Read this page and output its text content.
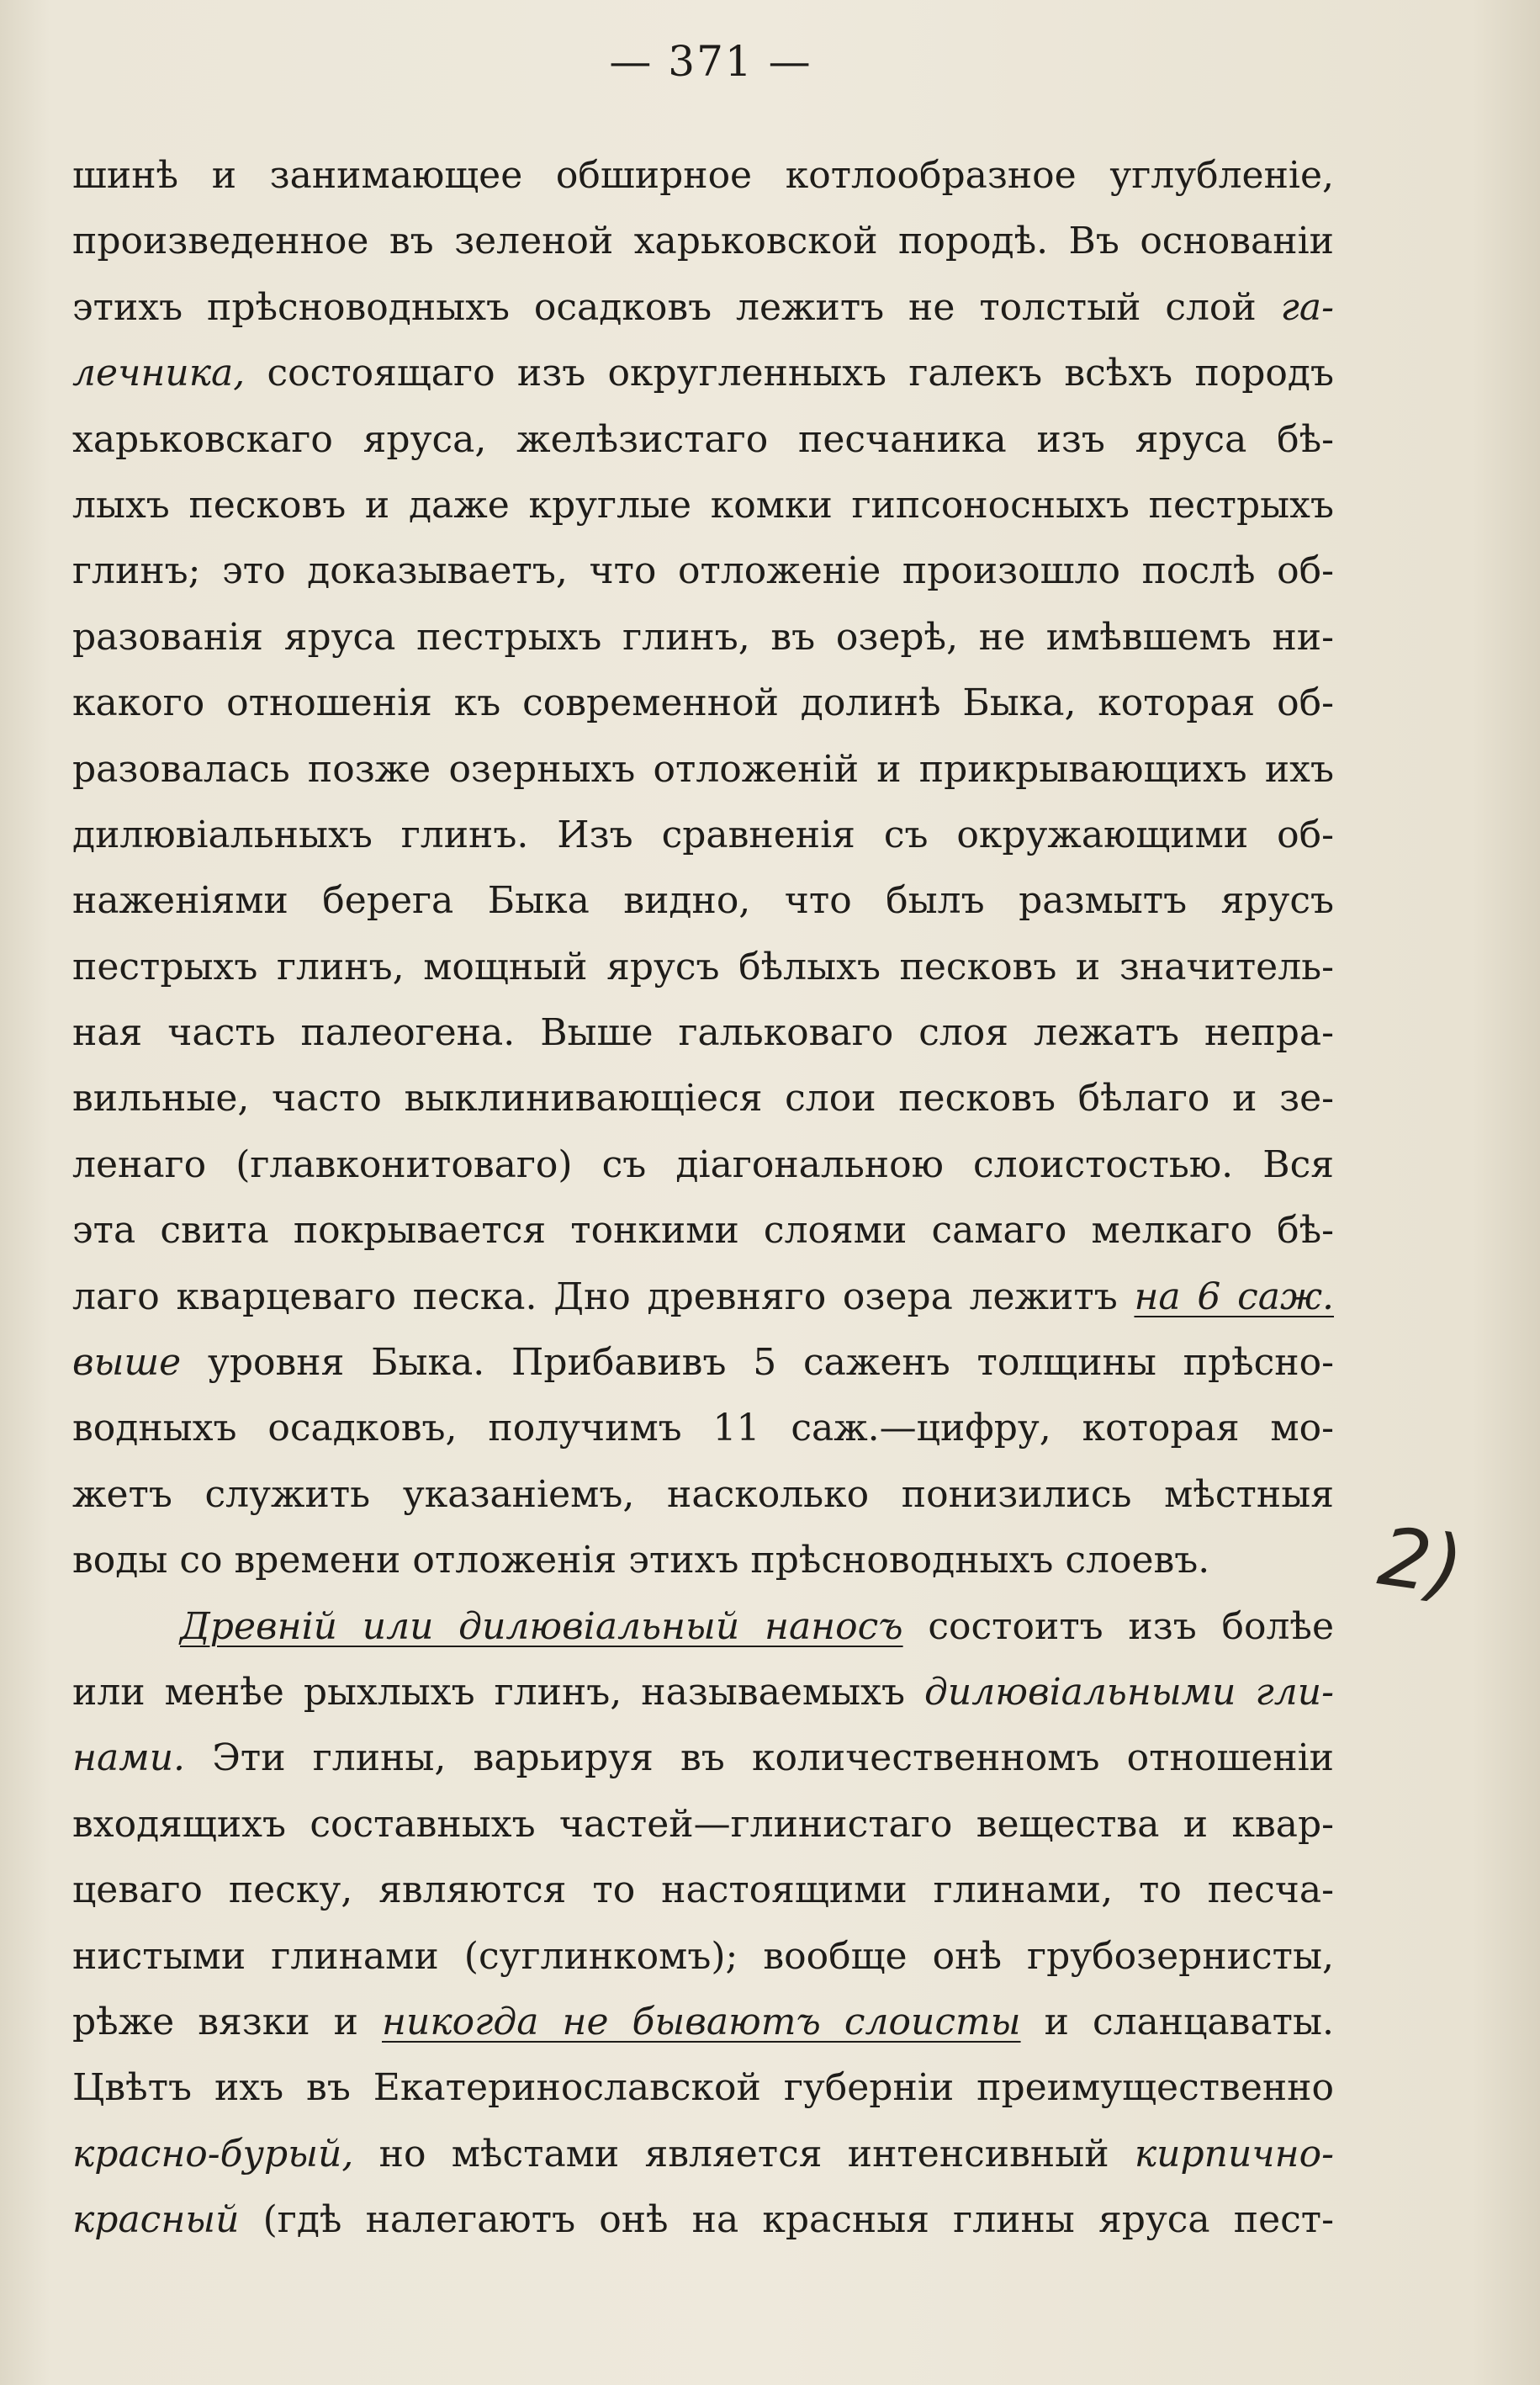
— 371 —
шинѣ и занимающее обширное котлообразное углубленіе,
произведенное въ зеленой харьковской породѣ. Въ основаніи
этихъ прѣсноводныхъ осадковъ лежитъ не толстый слой га-
лечника, состоящаго изъ округленныхъ галекъ всѣхъ породъ
харьковскаго яруса, желѣзистаго песчаника изъ яруса бѣ-
лыхъ песковъ и даже круглые комки гипсоносныхъ пестрыхъ
глинъ; это доказываетъ, что отложеніе произошло послѣ об-
разованія яруса пестрыхъ глинъ, въ озерѣ, не имѣвшемъ ни-
какого отношенія къ современной долинѣ Быка, которая об-
разовалась позже озерныхъ отложеній и прикрывающихъ ихъ
дилювіальныхъ глинъ. Изъ сравненія съ окружающими об-
наженіями берега Быка видно, что былъ размытъ ярусъ
пестрыхъ глинъ, мощный ярусъ бѣлыхъ песковъ и значитель-
ная часть палеогена. Выше гальковаго слоя лежатъ непра-
вильные, часто выклинивающіеся слои песковъ бѣлаго и зе-
ленаго (главконитоваго) съ діагональною слоистостью. Вся
эта свита покрывается тонкими слоями самаго мелкаго бѣ-
лаго кварцеваго песка. Дно древняго озера лежитъ на 6 саж.
выше уровня Быка. Прибавивъ 5 саженъ толщины прѣсно-
водныхъ осадковъ, получимъ 11 саж.—цифру, которая мо-
жетъ служить указаніемъ, насколько понизились мѣстныя
воды со времени отложенія этихъ прѣсноводныхъ слоевъ.
Древній или дилювіальный наносъ состоитъ изъ болѣе
или менѣе рыхлыхъ глинъ, называемыхъ дилювіальными гли-
нами. Эти глины, варьируя въ количественномъ отношеніи
входящихъ составныхъ частей—глинистаго вещества и квар-
цеваго песку, являются то настоящими глинами, то песча-
нистыми глинами (суглинкомъ); вообще онѣ грубозернисты,
рѣже вязки и никогда не бываютъ слоисты и сланцаваты.
Цвѣтъ ихъ въ Екатеринославской губерніи преимущественно
красно-бурый, но мѣстами является интенсивный кирпично-
красный (гдѣ налегаютъ онѣ на красныя глины яруса пест-
2)
